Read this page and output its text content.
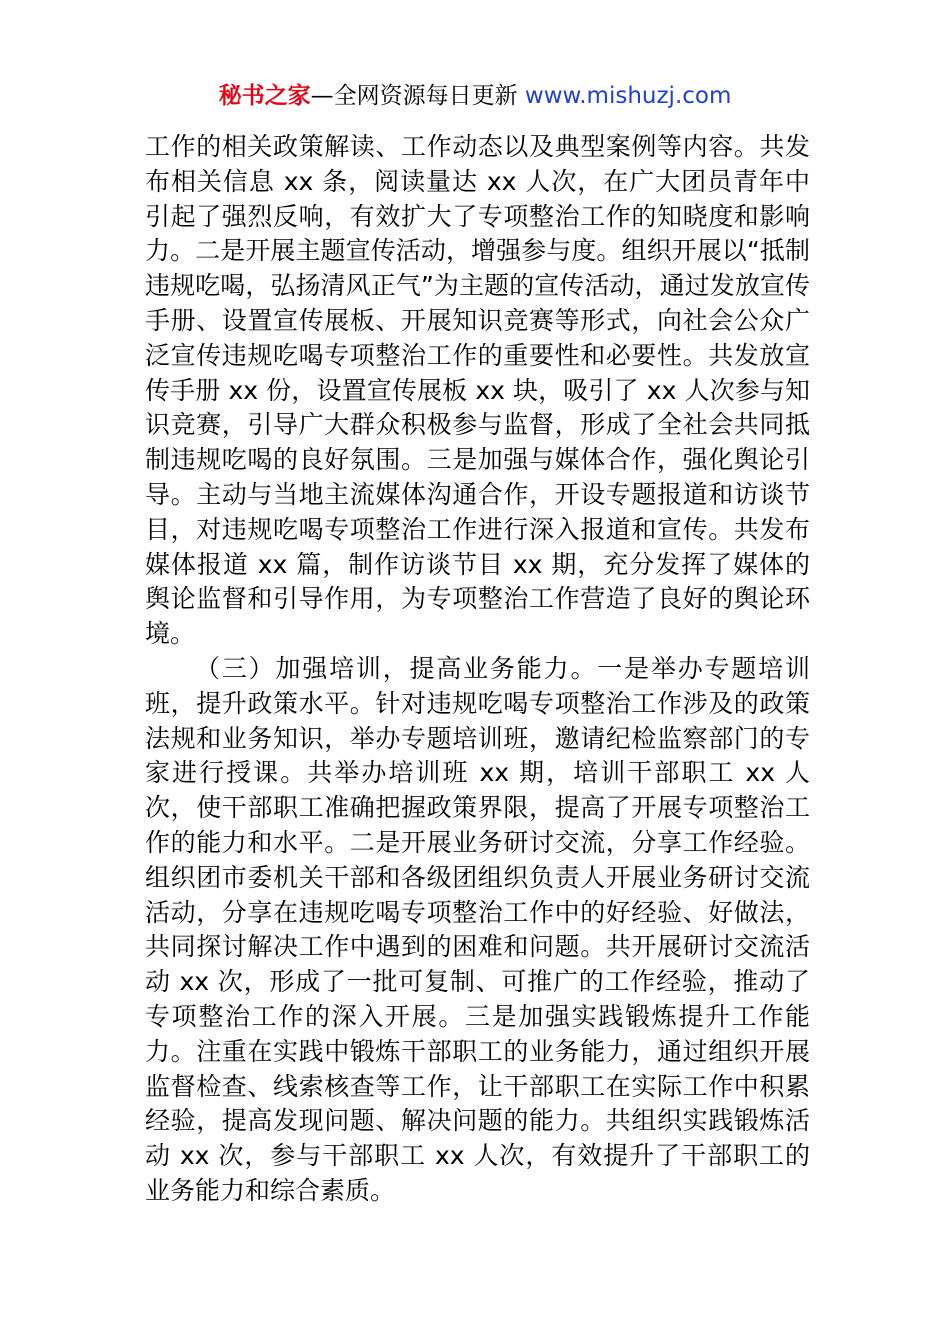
秘书之家—全网资源每日更新 www.mishuzj.com

工作的相关政策解读、工作动态以及典型案例等内容。共发布相关信息 xx 条，阅读量达 xx 人次，在广大团员青年中引起了强烈反响，有效扩大了专项整治工作的知晓度和影响力。二是开展主题宣传活动，增强参与度。组织开展以“抵制违规吃喝，弘扬清风正气”为主题的宣传活动，通过发放宣传手册、设置宣传展板、开展知识竞赛等形式，向社会公众广泛宣传违规吃喝专项整治工作的重要性和必要性。共发放宣传手册 xx 份，设置宣传展板 xx 块，吸引了 xx 人次参与知识竞赛，引导广大群众积极参与监督，形成了全社会共同抵制违规吃喝的良好氛围。三是加强与媒体合作，强化舆论引导。主动与当地主流媒体沟通合作，开设专题报道和访谈节目，对违规吃喝专项整治工作进行深入报道和宣传。共发布媒体报道 xx 篇，制作访谈节目 xx 期，充分发挥了媒体的舆论监督和引导作用，为专项整治工作营造了良好的舆论环境。

（三）加强培训，提高业务能力。一是举办专题培训班，提升政策水平。针对违规吃喝专项整治工作涉及的政策法规和业务知识，举办专题培训班，邀请纪检监察部门的专家进行授课。共举办培训班 xx 期，培训干部职工 xx 人次，使干部职工准确把握政策界限，提高了开展专项整治工作的能力和水平。二是开展业务研讨交流，分享工作经验。组织团市委机关干部和各级团组织负责人开展业务研讨交流活动，分享在违规吃喝专项整治工作中的好经验、好做法，共同探讨解决工作中遇到的困难和问题。共开展研讨交流活动 xx 次，形成了一批可复制、可推广的工作经验，推动了专项整治工作的深入开展。三是加强实践锻炼提升工作能力。注重在实践中锻炼干部职工的业务能力，通过组织开展监督检查、线索核查等工作，让干部职工在实际工作中积累经验，提高发现问题、解决问题的能力。共组织实践锻炼活动 xx 次，参与干部职工 xx 人次，有效提升了干部职工的业务能力和综合素质。
